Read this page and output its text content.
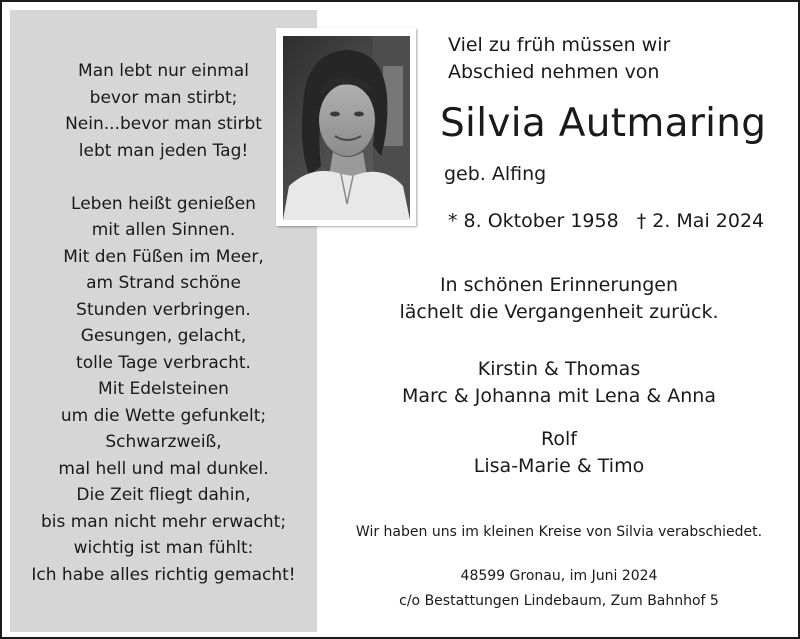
Man lebt nur einmal
bevor man stirbt;
Nein...bevor man stirbt
lebt man jeden Tag!
Leben heißt genießen
mit allen Sinnen.
Mit den Füßen im Meer,
am Strand schöne
Stunden verbringen.
Gesungen, gelacht,
tolle Tage verbracht.
Mit Edelsteinen
um die Wette gefunkelt;
Schwarzweiß,
mal hell und mal dunkel.
Die Zeit fliegt dahin,
bis man nicht mehr erwacht;
wichtig ist man fühlt:
Ich habe alles richtig gemacht!
Viel zu früh müssen wir
Abschied nehmen von
Silvia Autmaring
geb. Alfing
* 8. Oktober 1958 † 2. Mai 2024
In schönen Erinnerungen
lächelt die Vergangenheit zurück.
Kirstin & Thomas
Marc & Johanna mit Lena & Anna
Rolf
Lisa-Marie & Timo
Wir haben uns im kleinen Kreise von Silvia verabschiedet.
48599 Gronau, im Juni 2024
c/o Bestattungen Lindebaum, Zum Bahnhof 5
